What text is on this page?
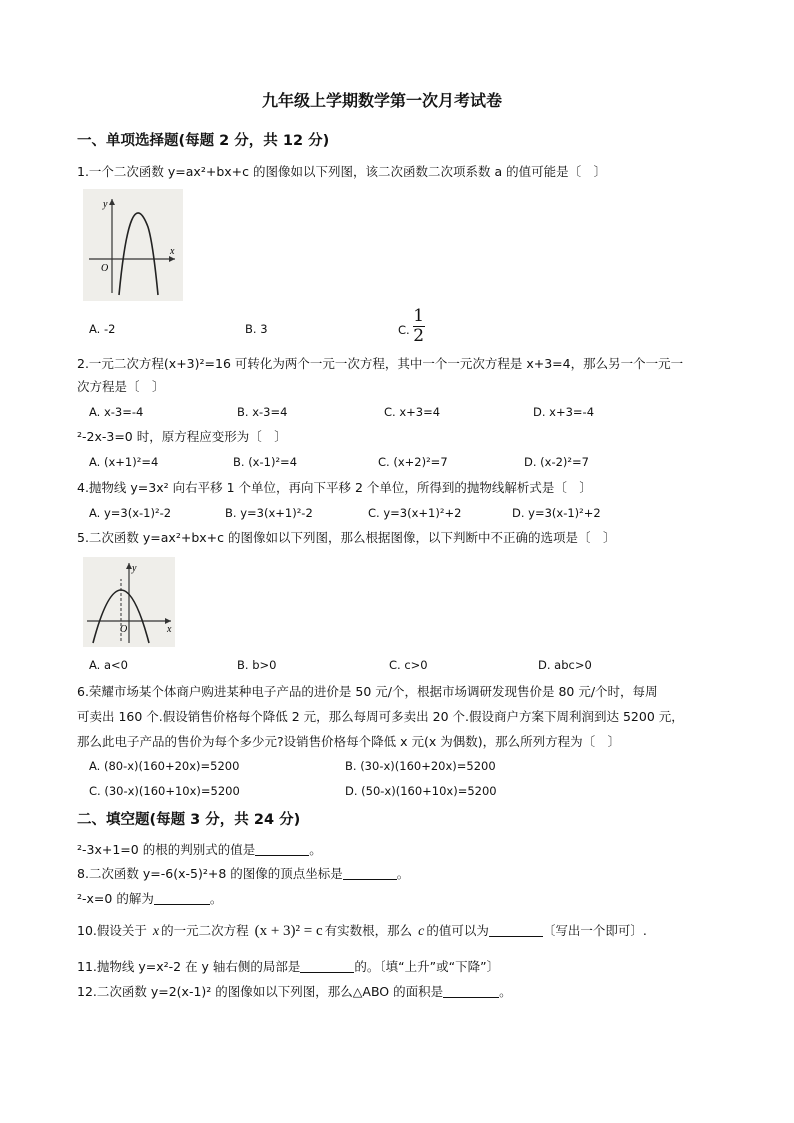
九年级上学期数学第一次月考试卷
一、单项选择题(每题 2 分，共 12 分)
1.一个二次函数 y=ax²+bx+c 的图像如以下列图，该二次函数二次项系数 a 的值可能是〔　〕
y
x
O
A. -2	B. 3	C. $\frac{1}{2}$
2.一元二次方程(x+3)²=16 可转化为两个一元一次方程，其中一个一元次方程是 x+3=4，那么另一个一元一
次方程是〔　〕
A. x-3=-4	B. x-3=4	C. x+3=4	D. x+3=-4
²-2x-3=0 时，原方程应变形为〔　〕
A. (x+1)²=4	B. (x-1)²=4	C. (x+2)²=7	D. (x-2)²=7
4.抛物线 y=3x² 向右平移 1 个单位，再向下平移 2 个单位，所得到的抛物线解析式是〔　〕
A. y=3(x-1)²-2	B. y=3(x+1)²-2	C. y=3(x+1)²+2	D. y=3(x-1)²+2
5.二次函数 y=ax²+bx+c 的图像如以下列图，那么根据图像，以下判断中不正确的选项是〔　〕
y
x
O
A. a<0	B. b>0	C. c>0	D. abc>0
6.荣耀市场某个体商户购进某种电子产品的进价是 50 元/个，根据市场调研发现售价是 80 元/个时，每周
可卖出 160 个.假设销售价格每个降低 2 元，那么每周可多卖出 20 个.假设商户方案下周利润到达 5200 元，
那么此电子产品的售价为每个多少元?设销售价格每个降低 x 元(x 为偶数)，那么所列方程为〔　〕
A. (80-x)(160+20x)=5200	B. (30-x)(160+20x)=5200
C. (30-x)(160+10x)=5200	D. (50-x)(160+10x)=5200
二、填空题(每题 3 分，共 24 分)
²-3x+1=0 的根的判别式的值是	。
8.二次函数 y=-6(x-5)²+8 的图像的顶点坐标是	。
²-x=0 的解为	。
10.假设关于 x 的一元二次方程 (x + 3)² = c 有实数根，那么 c 的值可以为	〔写出一个即可〕.
11.抛物线 y=x²-2 在 y 轴右侧的局部是	的。〔填“上升”或“下降”〕
12.二次函数 y=2(x-1)² 的图像如以下列图，那么△ABO 的面积是	。
